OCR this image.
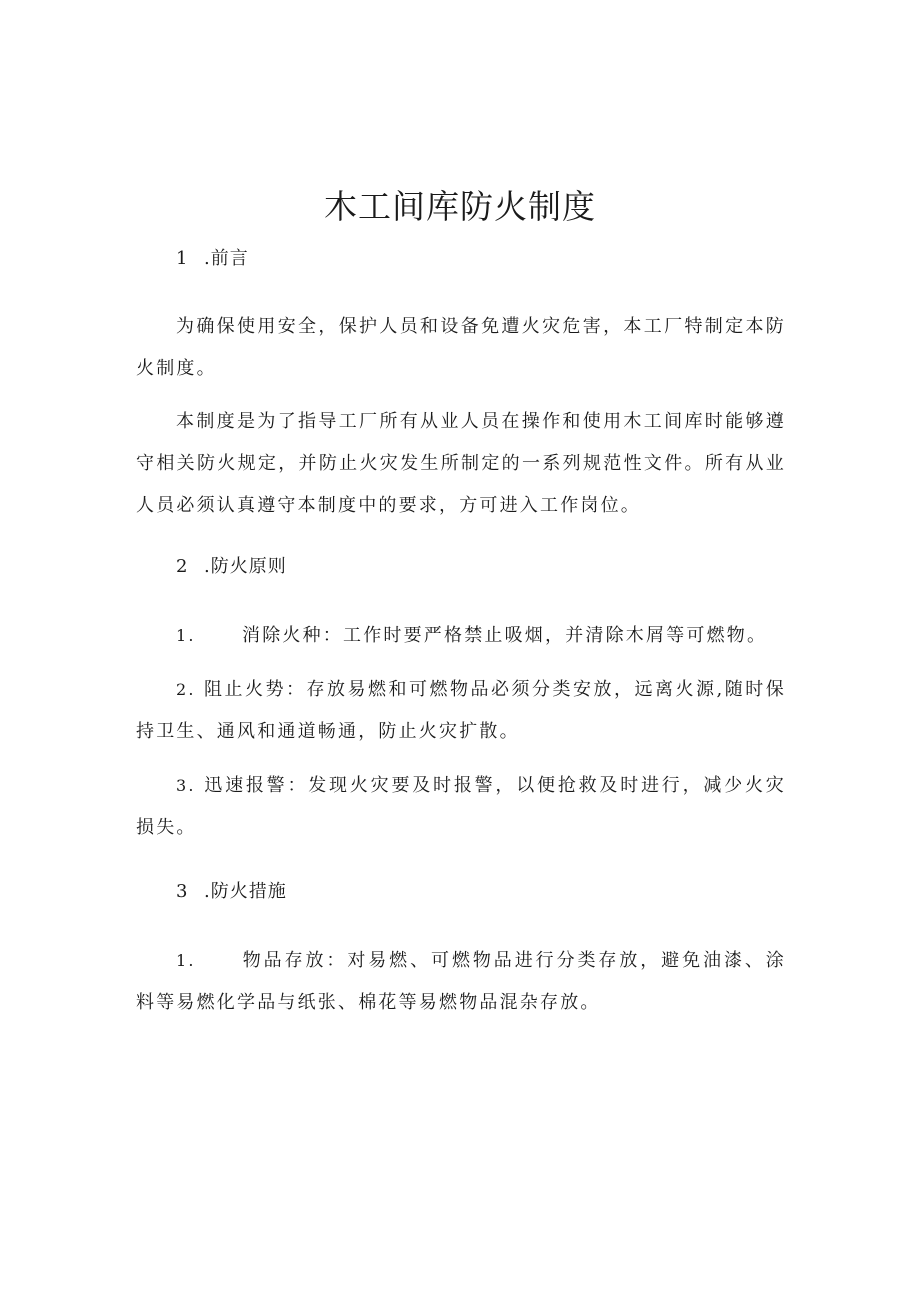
木工间库防火制度
1 .前言
为确保使用安全，保护人员和设备免遭火灾危害，本工厂特制定本防火制度。
本制度是为了指导工厂所有从业人员在操作和使用木工间库时能够遵守相关防火规定，并防止火灾发生所制定的一系列规范性文件。所有从业人员必须认真遵守本制度中的要求，方可进入工作岗位。
2 .防火原则
1.	消除火种：工作时要严格禁止吸烟，并清除木屑等可燃物。
2. 阻止火势：存放易燃和可燃物品必须分类安放，远离火源,随时保持卫生、通风和通道畅通，防止火灾扩散。
3. 迅速报警：发现火灾要及时报警，以便抢救及时进行，减少火灾损失。
3 .防火措施
1.	物品存放：对易燃、可燃物品进行分类存放，避免油漆、涂料等易燃化学品与纸张、棉花等易燃物品混杂存放。
